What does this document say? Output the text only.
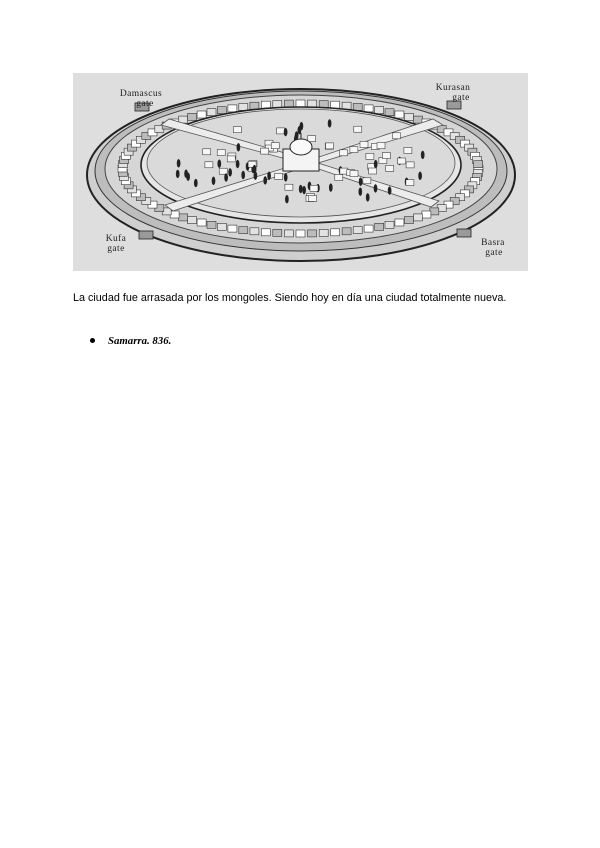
Damascus
gate
Kurasan
gate
Kufa
gate
Basra
gate
La ciudad fue arrasada por los mongoles. Siendo hoy en día una ciudad totalmente nueva.
Samarra. 836.
